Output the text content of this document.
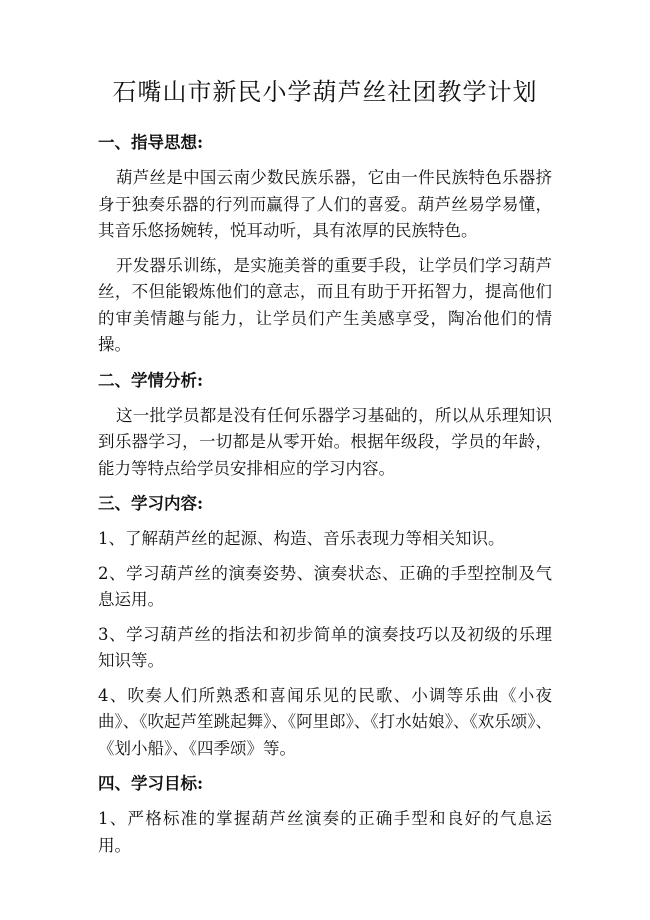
石嘴山市新民小学葫芦丝社团教学计划
一、指导思想:

葫芦丝是中国云南少数民族乐器，它由一件民族特色乐器挤身于独奏乐器的行列而赢得了人们的喜爱。葫芦丝易学易懂，其音乐悠扬婉转，悦耳动听，具有浓厚的民族特色。

开发器乐训练，是实施美誉的重要手段，让学员们学习葫芦丝，不但能锻炼他们的意志，而且有助于开拓智力，提高他们的审美情趣与能力，让学员们产生美感享受，陶冶他们的情操。

二、学情分析:

这一批学员都是没有任何乐器学习基础的，所以从乐理知识到乐器学习，一切都是从零开始。根据年级段，学员的年龄，能力等特点给学员安排相应的学习内容。

三、学习内容:

1、了解葫芦丝的起源、构造、音乐表现力等相关知识。

2、学习葫芦丝的演奏姿势、演奏状态、正确的手型控制及气息运用。

3、学习葫芦丝的指法和初步简单的演奏技巧以及初级的乐理知识等。

4、吹奏人们所熟悉和喜闻乐见的民歌、小调等乐曲《小夜曲》、《吹起芦笙跳起舞》、《阿里郎》、《打水姑娘》、《欢乐颂》、《划小船》、《四季颂》等。

四、学习目标:

1、严格标准的掌握葫芦丝演奏的正确手型和良好的气息运用。
